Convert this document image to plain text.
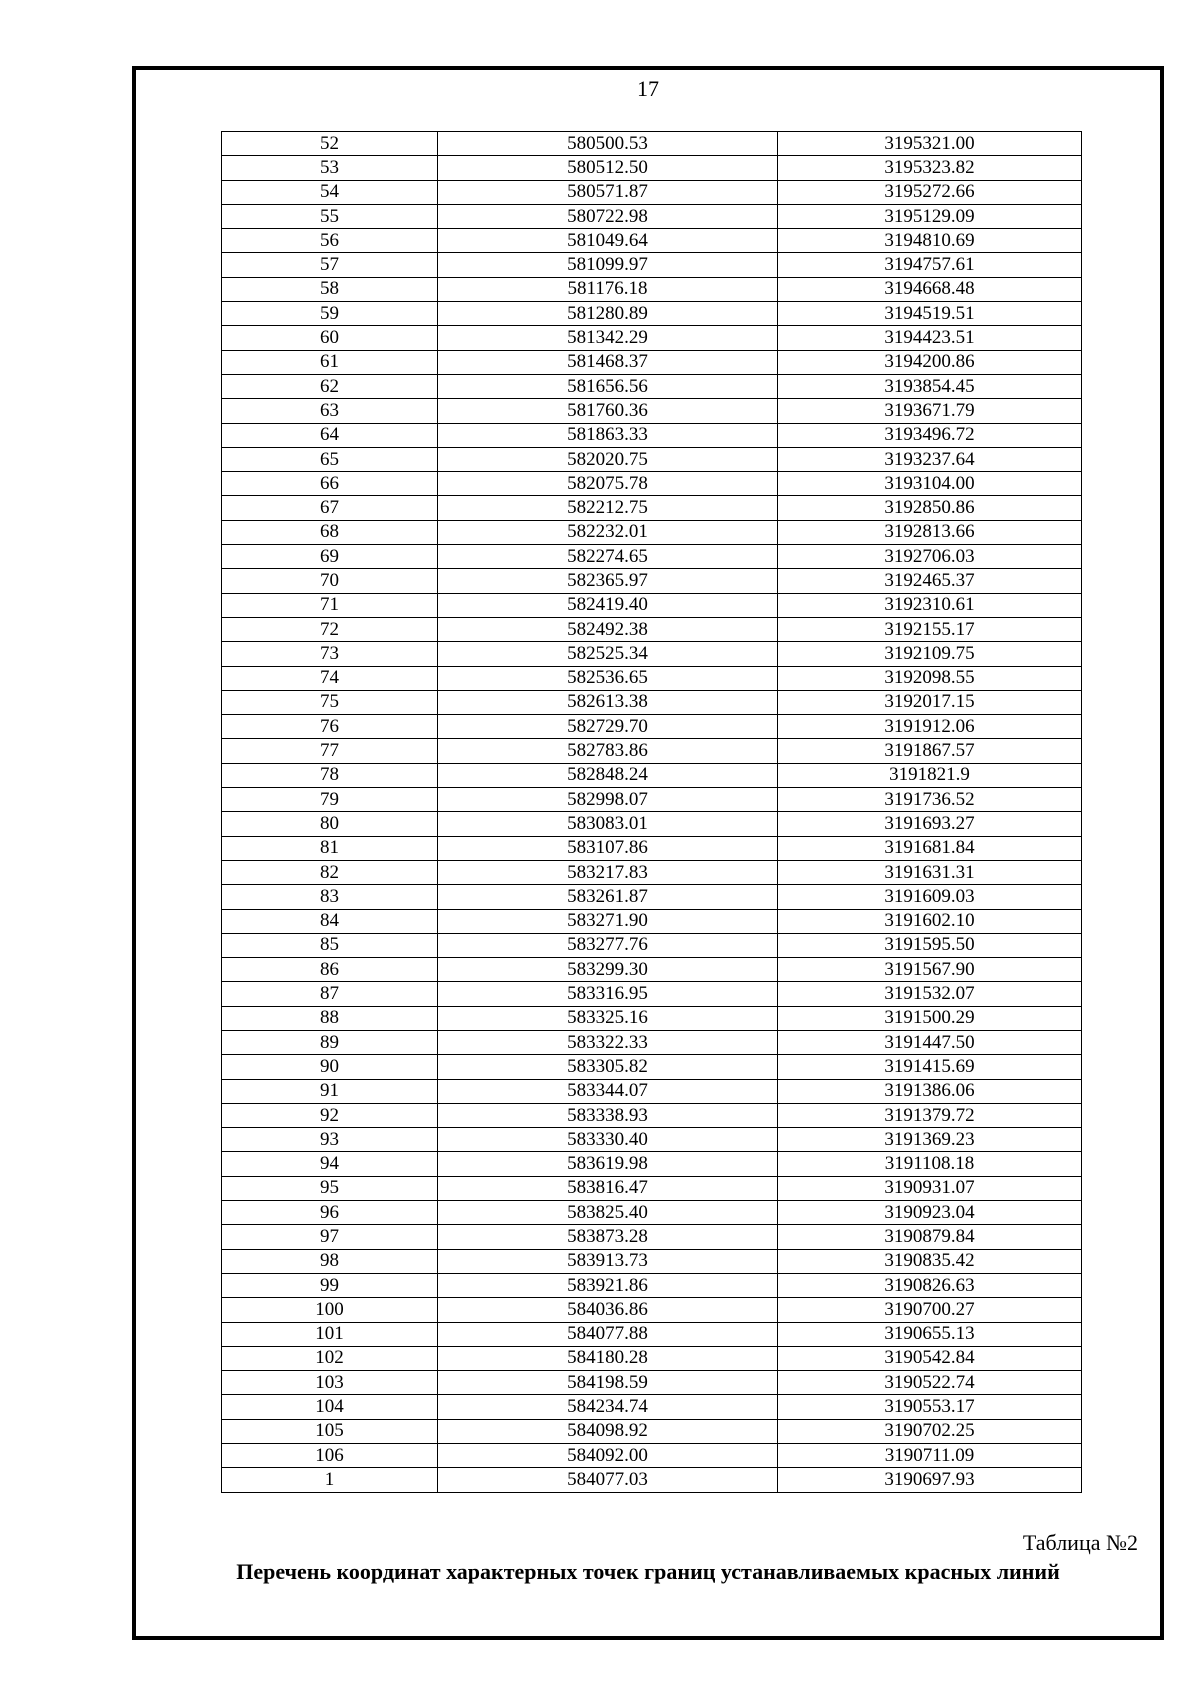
17
52	580500.53	3195321.00
53	580512.50	3195323.82
54	580571.87	3195272.66
55	580722.98	3195129.09
56	581049.64	3194810.69
57	581099.97	3194757.61
58	581176.18	3194668.48
59	581280.89	3194519.51
60	581342.29	3194423.51
61	581468.37	3194200.86
62	581656.56	3193854.45
63	581760.36	3193671.79
64	581863.33	3193496.72
65	582020.75	3193237.64
66	582075.78	3193104.00
67	582212.75	3192850.86
68	582232.01	3192813.66
69	582274.65	3192706.03
70	582365.97	3192465.37
71	582419.40	3192310.61
72	582492.38	3192155.17
73	582525.34	3192109.75
74	582536.65	3192098.55
75	582613.38	3192017.15
76	582729.70	3191912.06
77	582783.86	3191867.57
78	582848.24	3191821.9
79	582998.07	3191736.52
80	583083.01	3191693.27
81	583107.86	3191681.84
82	583217.83	3191631.31
83	583261.87	3191609.03
84	583271.90	3191602.10
85	583277.76	3191595.50
86	583299.30	3191567.90
87	583316.95	3191532.07
88	583325.16	3191500.29
89	583322.33	3191447.50
90	583305.82	3191415.69
91	583344.07	3191386.06
92	583338.93	3191379.72
93	583330.40	3191369.23
94	583619.98	3191108.18
95	583816.47	3190931.07
96	583825.40	3190923.04
97	583873.28	3190879.84
98	583913.73	3190835.42
99	583921.86	3190826.63
100	584036.86	3190700.27
101	584077.88	3190655.13
102	584180.28	3190542.84
103	584198.59	3190522.74
104	584234.74	3190553.17
105	584098.92	3190702.25
106	584092.00	3190711.09
1	584077.03	3190697.93
Таблица №2
Перечень координат характерных точек границ устанавливаемых красных линий
